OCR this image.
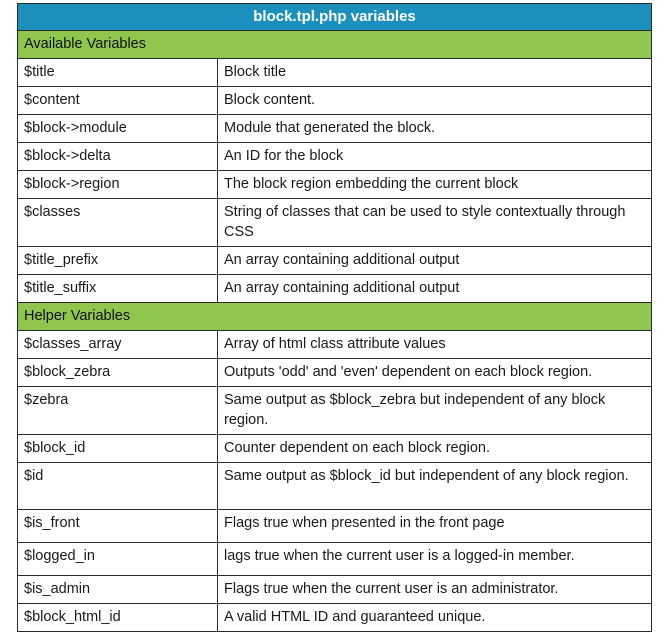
block.tpl.php variables	
Available Variables	
$title	Block title
$content	Block content.
$block->module	Module that generated the block.
$block->delta	An ID for the block
$block->region	The block region embedding the current block
$classes	String of classes that can be used to style contextually through CSS
$title_prefix	An array containing additional output
$title_suffix	An array containing additional output
Helper Variables	
$classes_array	Array of html class attribute values
$block_zebra	Outputs 'odd' and 'even' dependent on each block region.
$zebra	Same output as $block_zebra but independent of any block region.
$block_id	Counter dependent on each block region.
$id	Same output as $block_id but independent of any block region.
$is_front	Flags true when presented in the front page
$logged_in	lags true when the current user is a logged-in member.
$is_admin	Flags true when the current user is an administrator.
$block_html_id	A valid HTML ID and guaranteed unique.
